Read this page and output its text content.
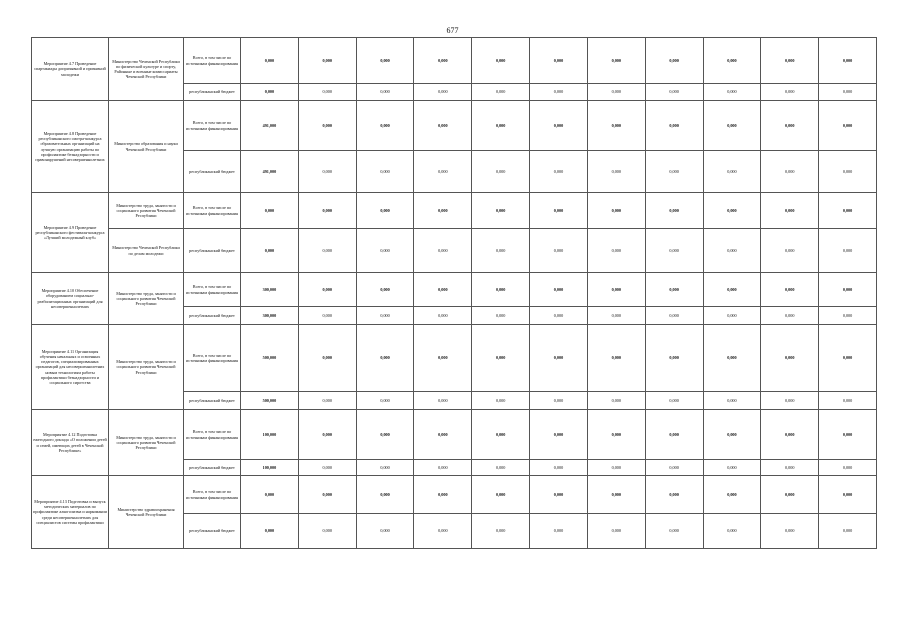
677
Мероприятие 4.7 Проведение спартакиады допризывной и призывной молодежи	Министерство Чеченской Республики по физической культуре и спорту, Районные и военные комиссариаты Чеченской Республики	Всего, в том числе по источникам финансирования	0,000	0,000	0,000	0,000	0,000	0,000	0,000	0,000	0,000	0,000	0,000
		республиканский бюджет	0,000	0,000	0,000	0,000	0,000	0,000	0,000	0,000	0,000	0,000	0,000
Мероприятие 4.8 Проведение республиканского смотра-конкурса образовательных организаций на лучшую организацию работы по профилактике безнадзорности и правонарушений несовершеннолетних	Министерство образования и науки Чеченской Республики	Всего, в том числе по источникам финансирования	491,000	0,000	0,000	0,000	0,000	0,000	0,000	0,000	0,000	0,000	0,000
		республиканский бюджет	491,000	0,000	0,000	0,000	0,000	0,000	0,000	0,000	0,000	0,000	0,000
Мероприятие 4.9 Проведение республиканского фестиваля-конкурса «Лучший молодежный клуб»	Министерство труда, занятости и социального развития Чеченской Республики	Всего, в том числе по источникам финансирования	0,000	0,000	0,000	0,000	0,000	0,000	0,000	0,000	0,000	0,000	0,000
	Министерство Чеченской Республики по делам молодежи	республиканский бюджет	0,000	0,000	0,000	0,000	0,000	0,000	0,000	0,000	0,000	0,000	0,000
Мероприятие 4.10 Обеспечение оборудованием социально-реабилитационных организаций для несовершеннолетних	Министерство труда, занятости и социального развития Чеченской Республики	Всего, в том числе по источникам финансирования	300,000	0,000	0,000	0,000	0,000	0,000	0,000	0,000	0,000	0,000	0,000
		республиканский бюджет	300,000	0,000	0,000	0,000	0,000	0,000	0,000	0,000	0,000	0,000	0,000
Мероприятие 4.11 Организация обучения начальных и освоенных педагогов, специализированных организаций для несовершеннолетних новым технологиям работы профилактики безнадзорности и социального сиротства	Министерство труда, занятости и социального развития Чеченской Республики	Всего, в том числе по источникам финансирования	500,000	0,000	0,000	0,000	0,000	0,000	0,000	0,000	0,000	0,000	0,000
		республиканский бюджет	500,000	0,000	0,000	0,000	0,000	0,000	0,000	0,000	0,000	0,000	0,000
Мероприятие 4.12 Подготовка ежегодного доклада «О положении детей и семей, имеющих детей в Чеченской Республике»	Министерство труда, занятости и социального развития Чеченской Республики	Всего, в том числе по источникам финансирования	100,000	0,000	0,000	0,000	0,000	0,000	0,000	0,000	0,000	0,000	0,000
		республиканский бюджет	100,000	0,000	0,000	0,000	0,000	0,000	0,000	0,000	0,000	0,000	0,000
Мероприятие 4.13 Подготовка и выпуск методических материалов по профилактике алкоголизма и наркомании среди несовершеннолетних для специалистов системы профилактики	Министерство здравоохранения Чеченской Республики	Всего, в том числе по источникам финансирования	0,000	0,000	0,000	0,000	0,000	0,000	0,000	0,000	0,000	0,000	0,000
		республиканский бюджет	0,000	0,000	0,000	0,000	0,000	0,000	0,000	0,000	0,000	0,000	0,000
